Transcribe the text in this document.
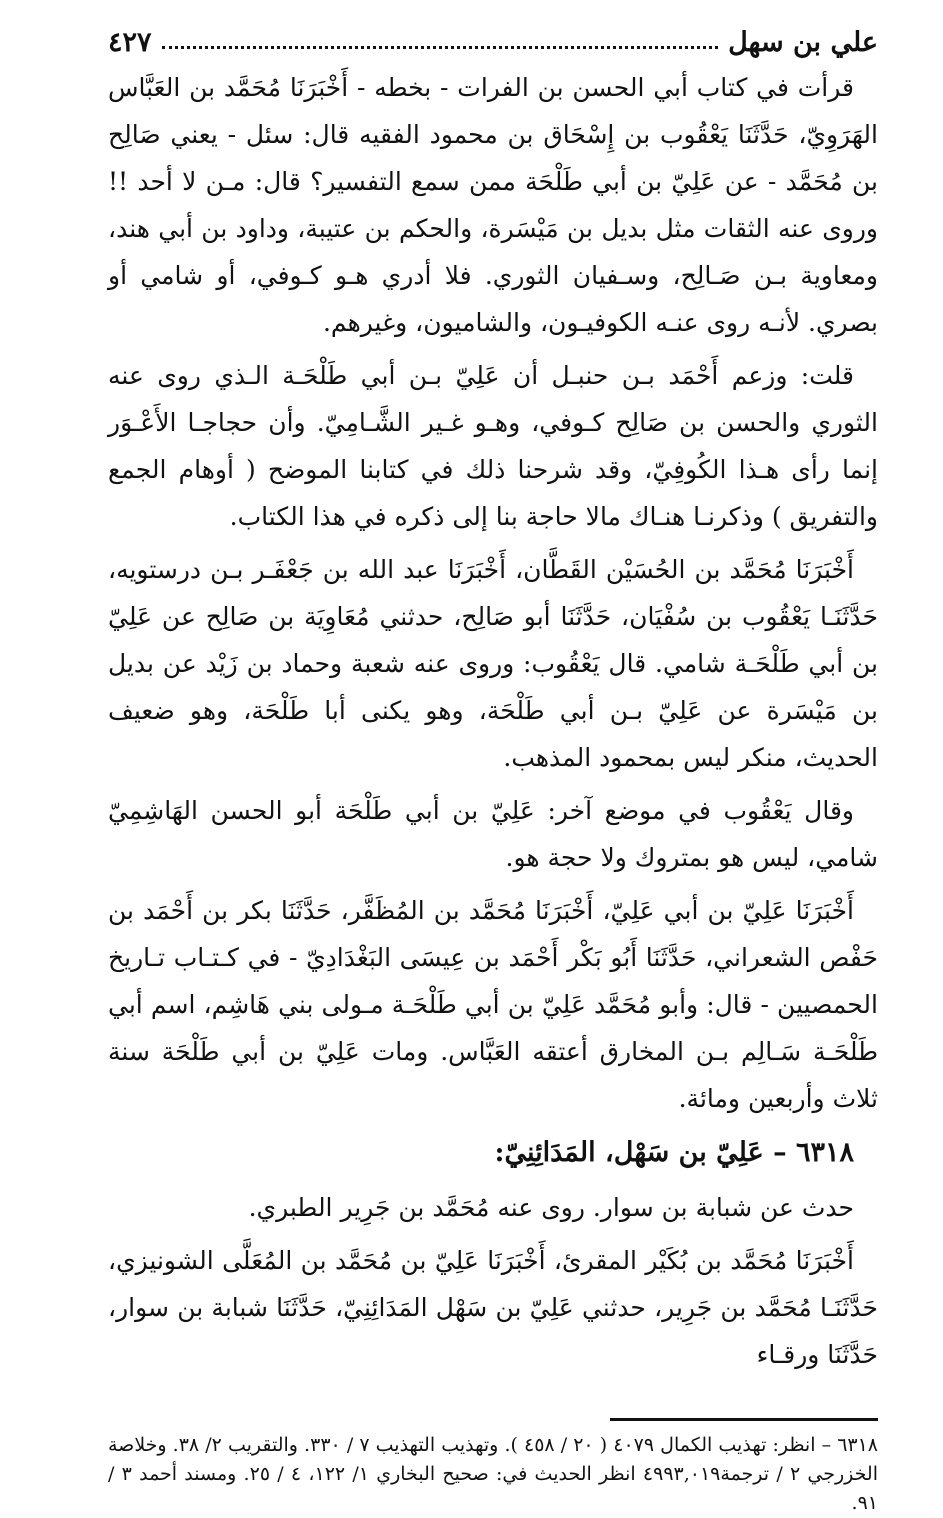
علي بن سهل
٤٢٧

قرأت في كتاب أبي الحسن بن الفرات - بخطه - أَخْبَرَنَا مُحَمَّد بن العَبَّاس الهَرَوِيّ، حَدَّثَنَا يَعْقُوب بن إِسْحَاق بن محمود الفقيه قال: سئل - يعني صَالِح بن مُحَمَّد - عن عَلِيّ بن أبي طَلْحَة ممن سمع التفسير؟ قال: مـن لا أحد !! وروى عنه الثقات مثل بديل بن مَيْسَرة، والحكم بن عتيبة، وداود بن أبي هند، ومعاوية بـن صَـالِح، وسـفيان الثوري. فلا أدري هـو كـوفي، أو شامي أو بصري. لأنـه روى عنـه الكوفيـون، والشاميون، وغيرهم.

قلت: وزعم أَحْمَد بـن حنبـل أن عَلِيّ بـن أبي طَلْحَـة الـذي روى عنه الثوري والحسن بن صَالِح كـوفي، وهـو غـير الشَّـامِيّ. وأن حجاجـا الأَعْـوَر إنما رأى هـذا الكُوفِيّ، وقد شرحنا ذلك في كتابنا الموضح ( أوهام الجمع والتفريق ) وذكرنـا هنـاك مالا حاجة بنا إلى ذكره في هذا الكتاب.

أَخْبَرَنَا مُحَمَّد بن الحُسَيْن القَطَّان، أَخْبَرَنَا عبد الله بن جَعْفَـر بـن درستويه، حَدَّثَنَـا يَعْقُوب بن سُفْيَان، حَدَّثَنَا أبو صَالِح، حدثني مُعَاوِيَة بن صَالِح عن عَلِيّ بن أبي طَلْحَـة شامي. قال يَعْقُوب: وروى عنه شعبة وحماد بن زَيْد عن بديل بن مَيْسَرة عن عَلِيّ بـن أبي طَلْحَة، وهو يكنى أبا طَلْحَة، وهو ضعيف الحديث، منكر ليس بمحمود المذهب.

وقال يَعْقُوب في موضع آخر: عَلِيّ بن أبي طَلْحَة أبو الحسن الهَاشِمِيّ شامي، ليس هو بمتروك ولا حجة هو.

أَخْبَرَنَا عَلِيّ بن أبي عَلِيّ، أَخْبَرَنَا مُحَمَّد بن المُظَفَّر، حَدَّثَنَا بكر بن أَحْمَد بن حَفْص الشعراني، حَدَّثَنَا أَبُو بَكْر أَحْمَد بن عِيسَى البَغْدَادِيّ - في كـتـاب تـاريخ الحمصيين - قال: وأبو مُحَمَّد عَلِيّ بن أبي طَلْحَـة مـولى بني هَاشِم، اسم أبي طَلْحَـة سَـالِم بـن المخارق أعتقه العَبَّاس. ومات عَلِيّ بن أبي طَلْحَة سنة ثلاث وأربعين ومائة.

٦٣١٨ – عَلِيّ بن سَهْل، المَدَائِنِيّ:

حدث عن شبابة بن سوار. روى عنه مُحَمَّد بن جَرِير الطبري.

أَخْبَرَنَا مُحَمَّد بن بُكَيْر المقرئ، أَخْبَرَنَا عَلِيّ بن مُحَمَّد بن المُعَلَّى الشونيزي، حَدَّثَنَـا مُحَمَّد بن جَرِير، حدثني عَلِيّ بن سَهْل المَدَائِنِيّ، حَدَّثَنَا شبابة بن سوار، حَدَّثَنَا ورقـاء

٦٣١٨ – انظر: تهذيب الكمال ٤٠٧٩ ( ٢٠ / ٤٥٨ ). وتهذيب التهذيب ٧ / ٣٣٠. والتقريب ٢/ ٣٨. وخلاصة الخزرجي ٢ / ترجمة٤٩٩٣,٠١٩ انظر الحديث في: صحيح البخاري ١/ ١٢٢، ٤ / ٢٥. ومسند أحمد ٣ / ٩١.
